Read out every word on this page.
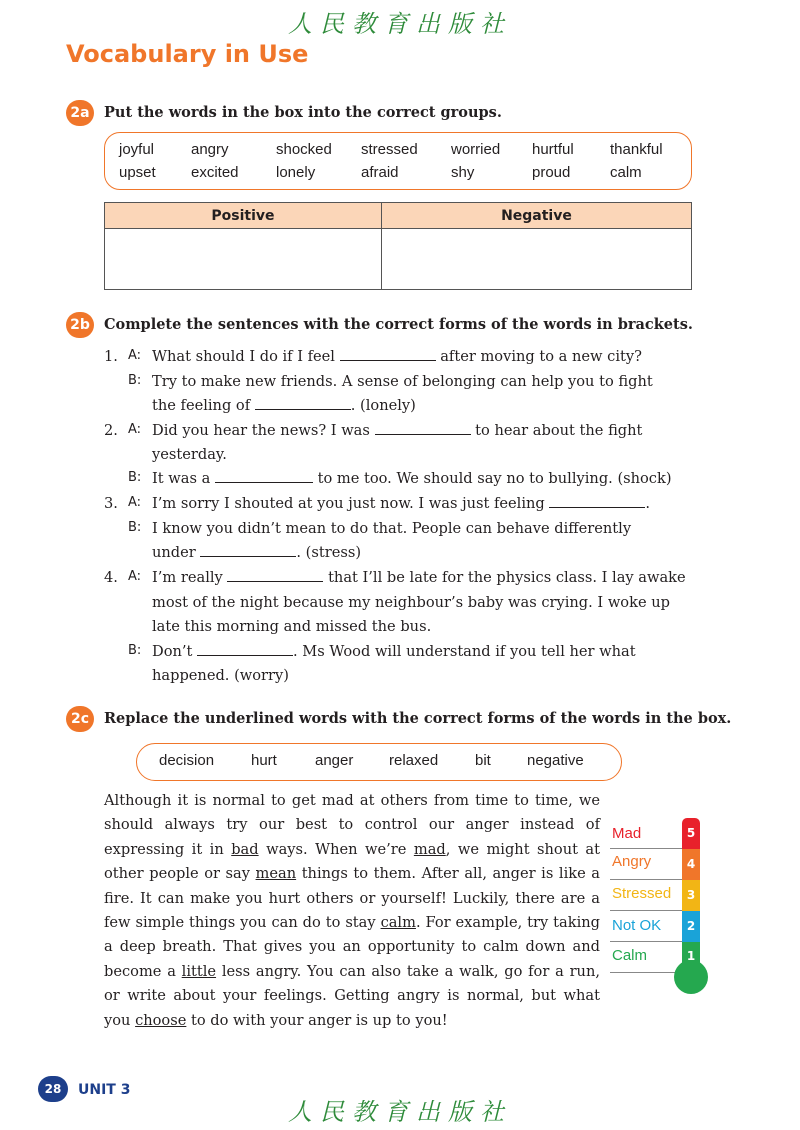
人民教育出版社
Vocabulary in Use
2a Put the words in the box into the correct groups.
joyful angry	shocked stressed worried hurtful thankful
upset excited lonely	afraid	shy	proud	calm
Positive	Negative

2b Complete the sentences with the correct forms of the words in brackets.
1. A: What should I do if I feel	after moving to a new city?
B: Try to make new friends. A sense of belonging can help you to fight
the feeling of	. (lonely)
2. A: Did you hear the news? I was	to hear about the fight
yesterday.
B: It was a	to me too. We should say no to bullying. (shock)
3. A: I’m sorry I shouted at you just now. I was just feeling	.
B: I know you didn’t mean to do that. People can behave differently
under	. (stress)
4. A: I’m really	that I’ll be late for the physics class. I lay awake
most of the night because my neighbour’s baby was crying. I woke up
late this morning and missed the bus.
B: Don’t	. Ms Wood will understand if you tell her what
happened. (worry)
2c	Replace the underlined words with the correct forms of the words in the box.
decision hurt	anger relaxed bit negative
Although it is normal to get mad at others from time to time, we should always try our best to control our anger instead of expressing it in bad ways. When we’re mad, we might shout at other people or say mean things to them. After all, anger is like a fire. It can make you hurt others or yourself! Luckily, there are a few simple things you can do to stay calm. For example, try taking a deep breath. That gives you an opportunity to calm down and become a little less angry. You can also take a walk, go for a run, or write about your feelings. Getting angry is normal, but what you choose to do with your anger is up to you!
Mad
Angry
Stressed
Not OK
Calm
5
4
3
2
1
28	UNIT 3
人民教育出版社
